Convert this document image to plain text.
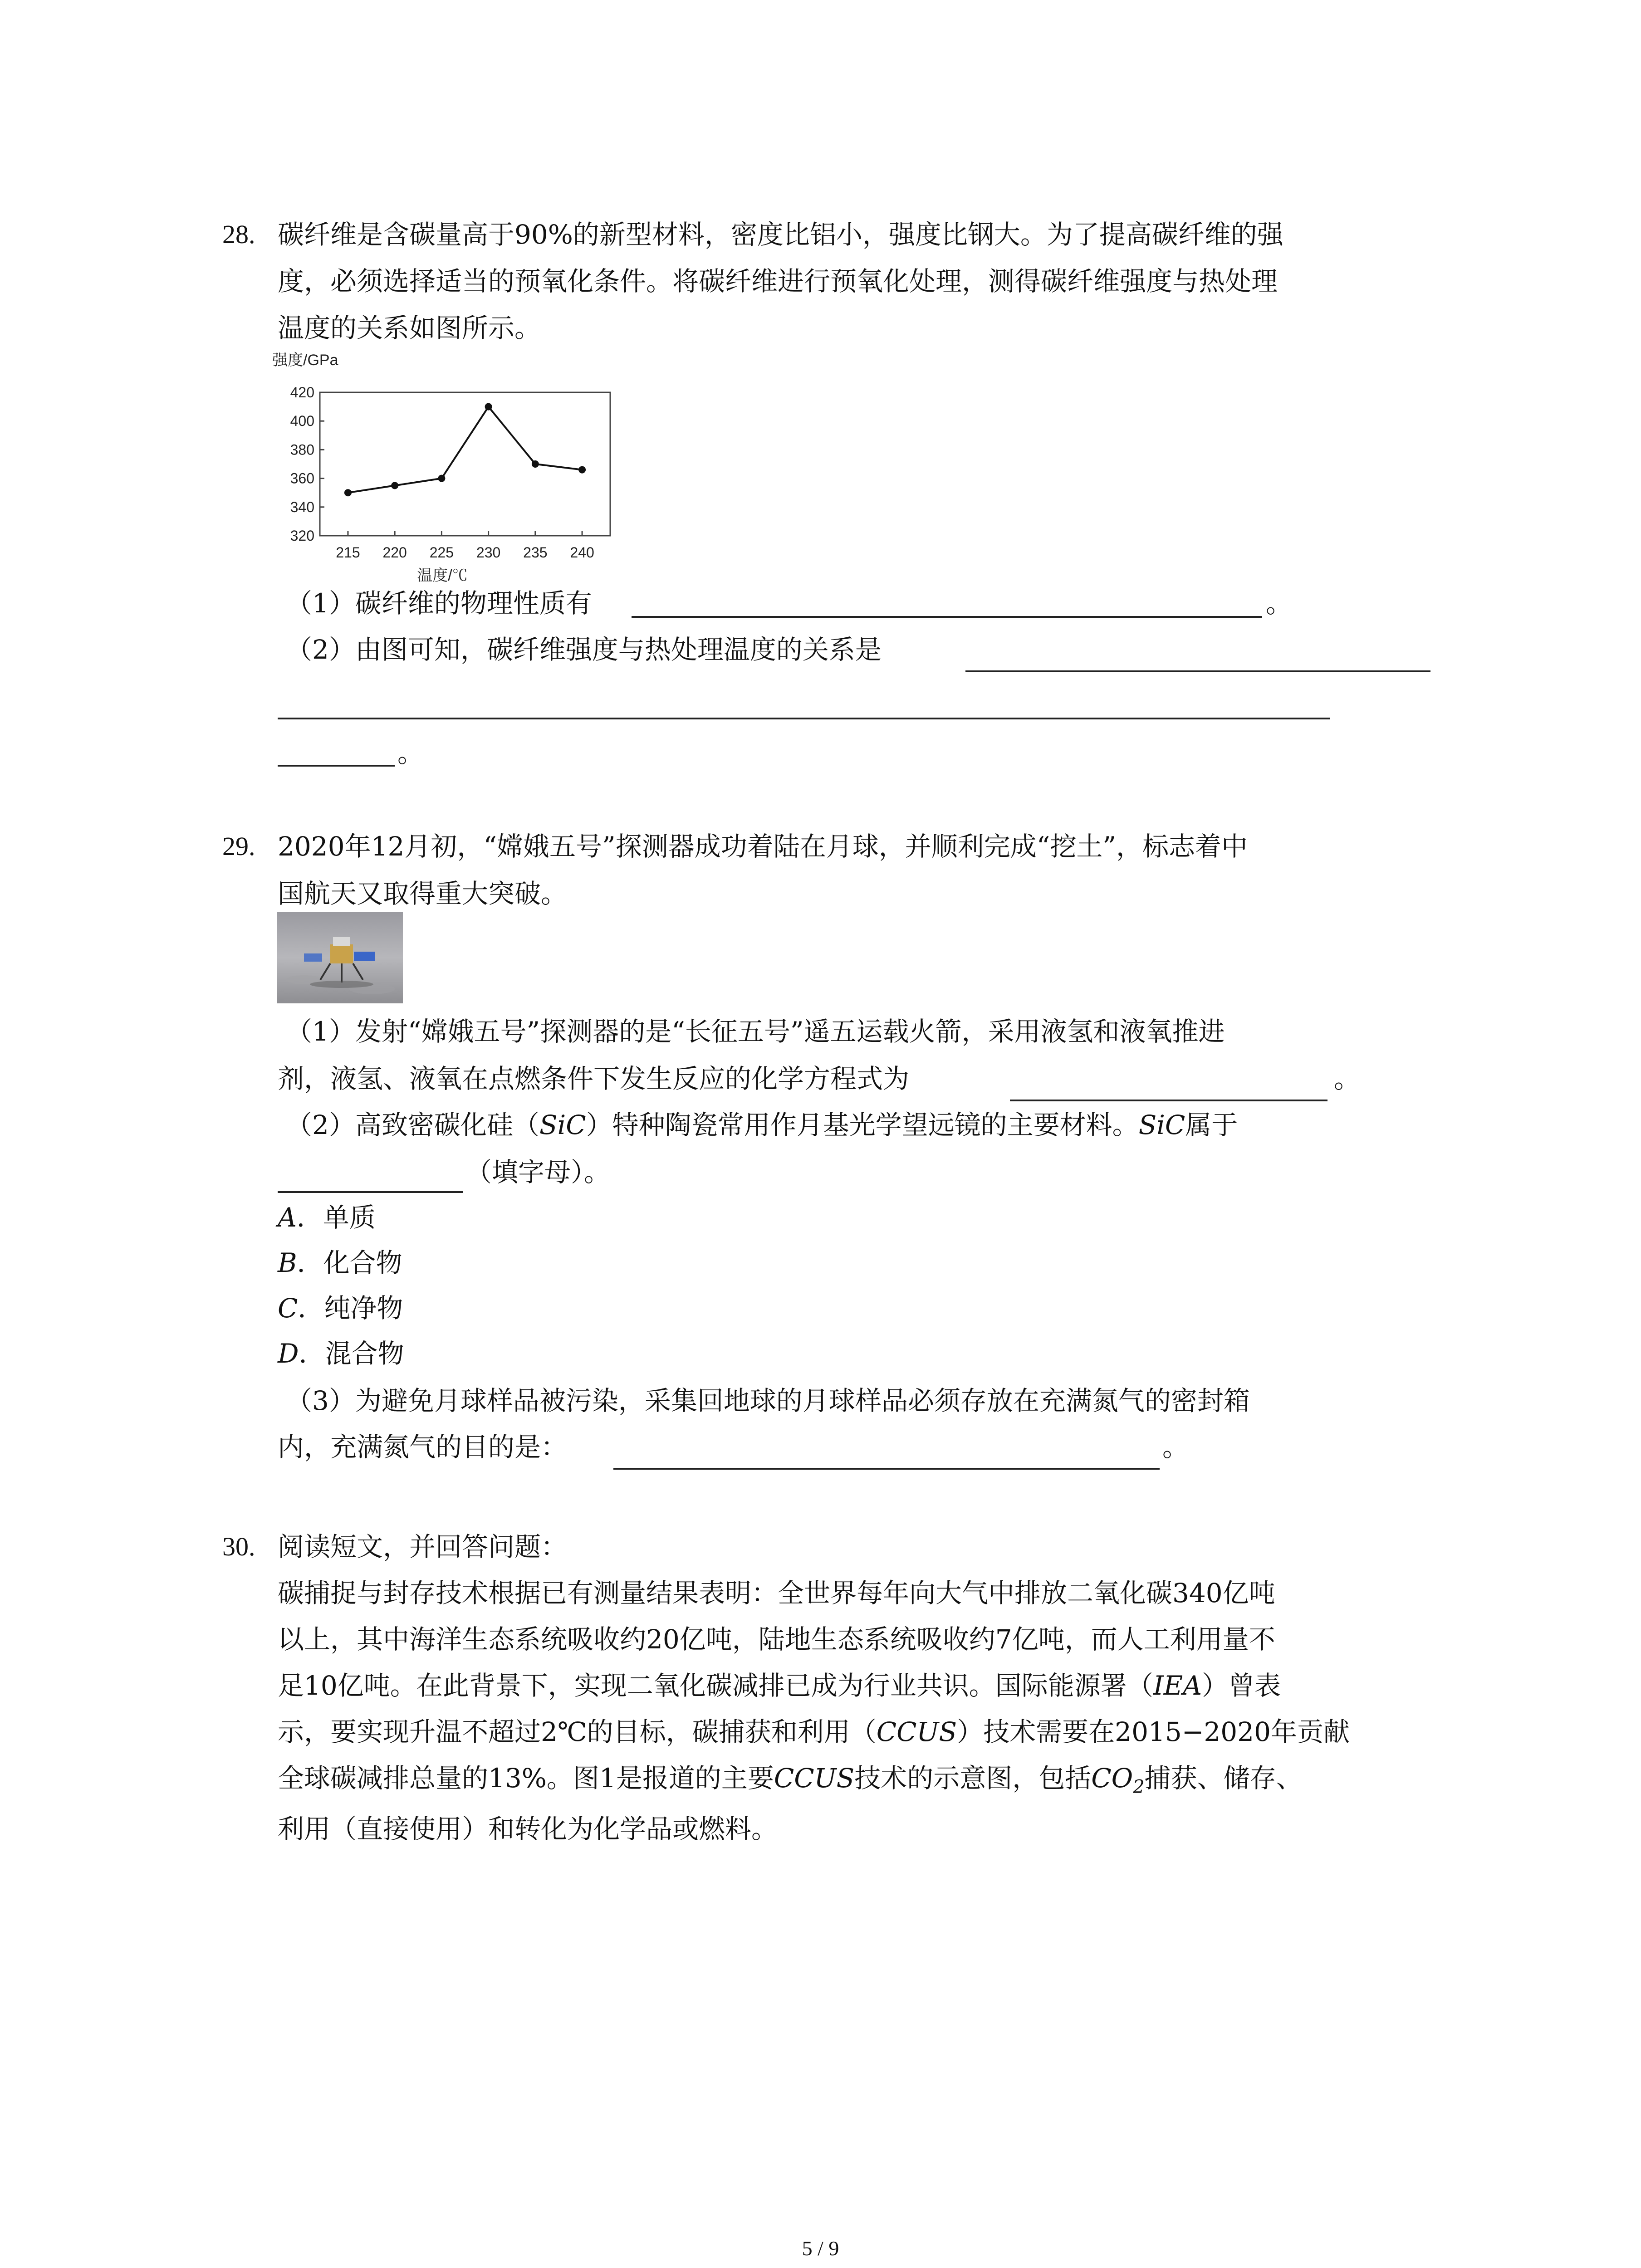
28. 碳纤维是含碳量高于90%的新型材料，密度比铝小，强度比钢大。为了提高碳纤维的强
度，必须选择适当的预氧化条件。将碳纤维进行预氧化处理，测得碳纤维强度与热处理
温度的关系如图所示。
强度/GPa
320
340
360
380
400
420
215 220 225 230 235 240
温度/℃
（1）碳纤维的物理性质有	。
（2）由图可知，碳纤维强度与热处理温度的关系是
。
29. 2020年12月初，“嫦娥五号”探测器成功着陆在月球，并顺利完成“挖土”，标志着中
国航天又取得重大突破。
（1）发射“嫦娥五号”探测器的是“长征五号”遥五运载火箭，采用液氢和液氧推进
剂，液氢、液氧在点燃条件下发生反应的化学方程式为	。
（2）高致密碳化硅（SiC）特种陶瓷常用作月基光学望远镜的主要材料。SiC属于
（填字母）。
A．单质
B．化合物
C．纯净物
D．混合物
（3）为避免月球样品被污染，采集回地球的月球样品必须存放在充满氮气的密封箱
内，充满氮气的目的是：	。
30. 阅读短文，并回答问题：
碳捕捉与封存技术根据已有测量结果表明：全世界每年向大气中排放二氧化碳340亿吨
以上，其中海洋生态系统吸收约20亿吨，陆地生态系统吸收约7亿吨，而人工利用量不
足10亿吨。在此背景下，实现二氧化碳减排已成为行业共识。国际能源署（IEA）曾表
示，要实现升温不超过2℃的目标，碳捕获和利用（CCUS）技术需要在2015−2020年贡献
全球碳减排总量的13%。图1是报道的主要CCUS技术的示意图，包括$CO_2$捕获、储存、
利用（直接使用）和转化为化学品或燃料。
5 / 9
